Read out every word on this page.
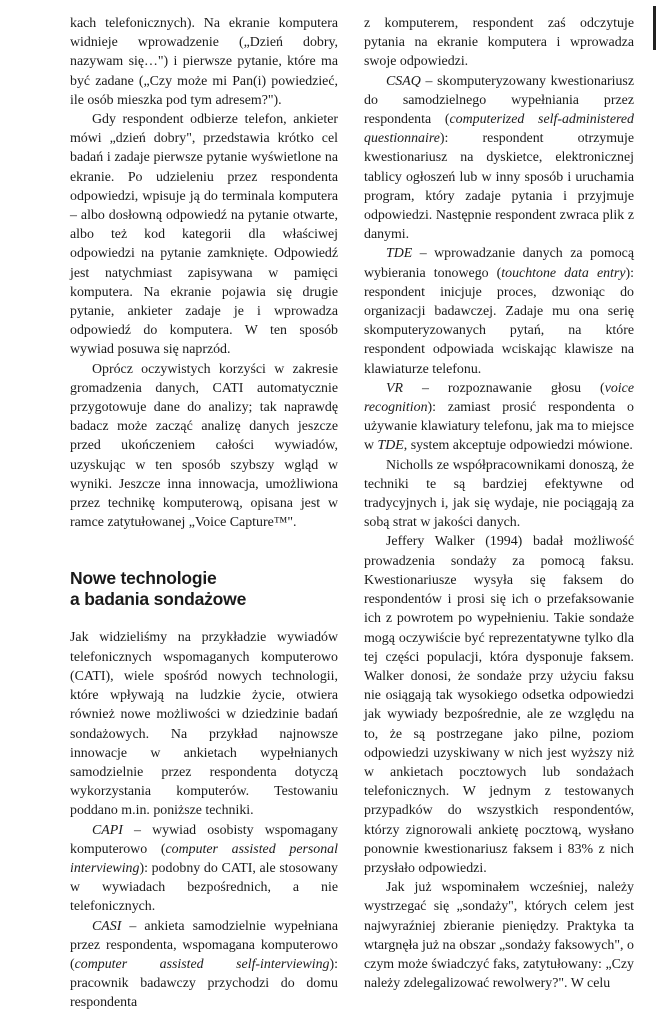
kach telefonicznych). Na ekranie komputera widnieje wprowadzenie („Dzień dobry, nazywam się…") i pierwsze pytanie, które ma być zadane („Czy może mi Pan(i) powiedzieć, ile osób mieszka pod tym adresem?").

Gdy respondent odbierze telefon, ankieter mówi „dzień dobry", przedstawia krótko cel badań i zadaje pierwsze pytanie wyświetlone na ekranie. Po udzieleniu przez respondenta odpowiedzi, wpisuje ją do terminala komputera – albo dosłowną odpowiedź na pytanie otwarte, albo też kod kategorii dla właściwej odpowiedzi na pytanie zamknięte. Odpowiedź jest natychmiast zapisywana w pamięci komputera. Na ekranie pojawia się drugie pytanie, ankieter zadaje je i wprowadza odpowiedź do komputera. W ten sposób wywiad posuwa się naprzód.

Oprócz oczywistych korzyści w zakresie gromadzenia danych, CATI automatycznie przygotowuje dane do analizy; tak naprawdę badacz może zacząć analizę danych jeszcze przed ukończeniem całości wywiadów, uzyskując w ten sposób szybszy wgląd w wyniki. Jeszcze inna innowacja, umożliwiona przez technikę komputerową, opisana jest w ramce zatytułowanej „Voice Capture™".

Nowe technologie
a badania sondażowe

Jak widzieliśmy na przykładzie wywiadów telefonicznych wspomaganych komputerowo (CATI), wiele spośród nowych technologii, które wpływają na ludzkie życie, otwiera również nowe możliwości w dziedzinie badań sondażowych. Na przykład najnowsze innowacje w ankietach wypełnianych samodzielnie przez respondenta dotyczą wykorzystania komputerów. Testowaniu poddano m.in. poniższe techniki.

CAPI – wywiad osobisty wspomagany komputerowo (computer assisted personal interviewing): podobny do CATI, ale stosowany w wywiadach bezpośrednich, a nie telefonicznych.

CASI – ankieta samodzielnie wypełniana przez respondenta, wspomagana komputerowo (computer assisted self-interviewing): pracownik badawczy przychodzi do domu respondenta

z komputerem, respondent zaś odczytuje pytania na ekranie komputera i wprowadza swoje odpowiedzi.

CSAQ – skomputeryzowany kwestionariusz do samodzielnego wypełniania przez respondenta (computerized self-administered questionnaire): respondent otrzymuje kwestionariusz na dyskietce, elektronicznej tablicy ogłoszeń lub w inny sposób i uruchamia program, który zadaje pytania i przyjmuje odpowiedzi. Następnie respondent zwraca plik z danymi.

TDE – wprowadzanie danych za pomocą wybierania tonowego (touchtone data entry): respondent inicjuje proces, dzwoniąc do organizacji badawczej. Zadaje mu ona serię skomputeryzowanych pytań, na które respondent odpowiada wciskając klawisze na klawiaturze telefonu.

VR – rozpoznawanie głosu (voice recognition): zamiast prosić respondenta o używanie klawiatury telefonu, jak ma to miejsce w TDE, system akceptuje odpowiedzi mówione.

Nicholls ze współpracownikami donoszą, że techniki te są bardziej efektywne od tradycyjnych i, jak się wydaje, nie pociągają za sobą strat w jakości danych.

Jeffery Walker (1994) badał możliwość prowadzenia sondaży za pomocą faksu. Kwestionariusze wysyła się faksem do respondentów i prosi się ich o przefaksowanie ich z powrotem po wypełnieniu. Takie sondaże mogą oczywiście być reprezentatywne tylko dla tej części populacji, która dysponuje faksem. Walker donosi, że sondaże przy użyciu faksu nie osiągają tak wysokiego odsetka odpowiedzi jak wywiady bezpośrednie, ale ze względu na to, że są postrzegane jako pilne, poziom odpowiedzi uzyskiwany w nich jest wyższy niż w ankietach pocztowych lub sondażach telefonicznych. W jednym z testowanych przypadków do wszystkich respondentów, którzy zignorowali ankietę pocztową, wysłano ponownie kwestionariusz faksem i 83% z nich przysłało odpowiedzi.

Jak już wspominałem wcześniej, należy wystrzegać się „sondaży", których celem jest najwyraźniej zbieranie pieniędzy. Praktyka ta wtargnęła już na obszar „sondaży faksowych", o czym może świadczyć faks, zatytułowany: „Czy należy zdelegalizować rewolwery?". W celu
